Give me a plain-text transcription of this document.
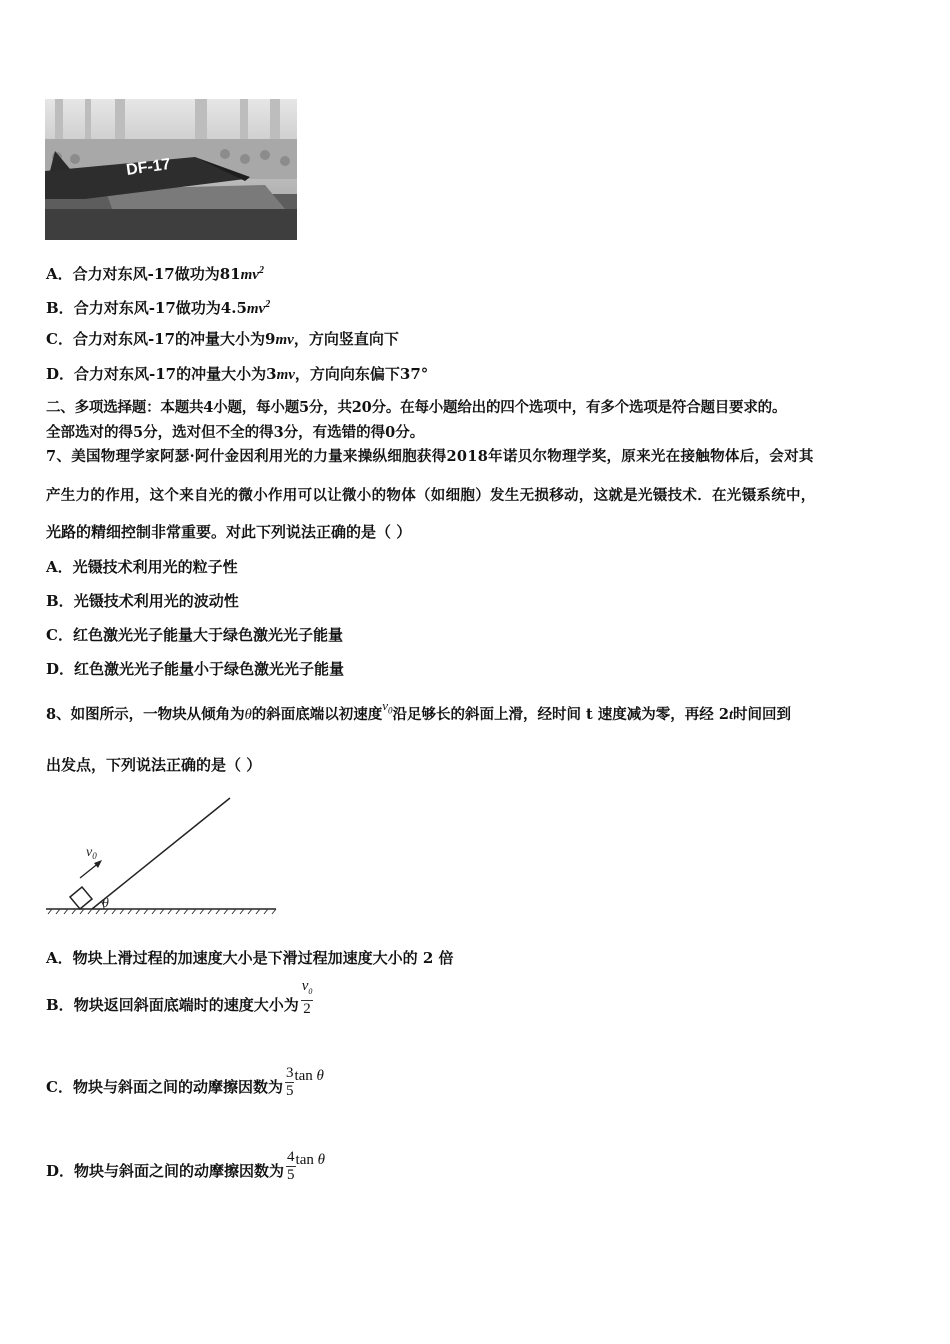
DF-17
A．合力对东风-17做功为$81mv^2$
B．合力对东风-17做功为$4.5mv^2$
C．合力对东风-17的冲量大小为9mv，方向竖直向下
D．合力对东风-17的冲量大小为3mv，方向向东偏下37°
二、多项选择题：本题共4小题，每小题5分，共20分。在每小题给出的四个选项中，有多个选项是符合题目要求的。
全部选对的得5分，选对但不全的得3分，有选错的得0分。
7、美国物理学家阿瑟·阿什金因利用光的力量来操纵细胞获得2018年诺贝尔物理学奖，原来光在接触物体后，会对其
产生力的作用，这个来自光的微小作用可以让微小的物体（如细胞）发生无损移动，这就是光镊技术．在光镊系统中，
光路的精细控制非常重要。对此下列说法正确的是（ ）
A．光镊技术利用光的粒子性
B．光镊技术利用光的波动性
C．红色激光光子能量大于绿色激光光子能量
D．红色激光光子能量小于绿色激光光子能量
8、如图所示，一物块从倾角为θ的斜面底端以初速度$v_0$沿足够长的斜面上滑，经时间 t 速度减为零，再经 2t时间回到
出发点，下列说法正确的是（ ）
$v_0$
θ
A．物块上滑过程的加速度大小是下滑过程加速度大小的 2 倍
B．物块返回斜面底端时的速度大小为 $\frac{v_0}{2}$
C．物块与斜面之间的动摩擦因数为 $\frac{3}{5}$ tan θ
D．物块与斜面之间的动摩擦因数为 $\frac{4}{5}$ tan θ
